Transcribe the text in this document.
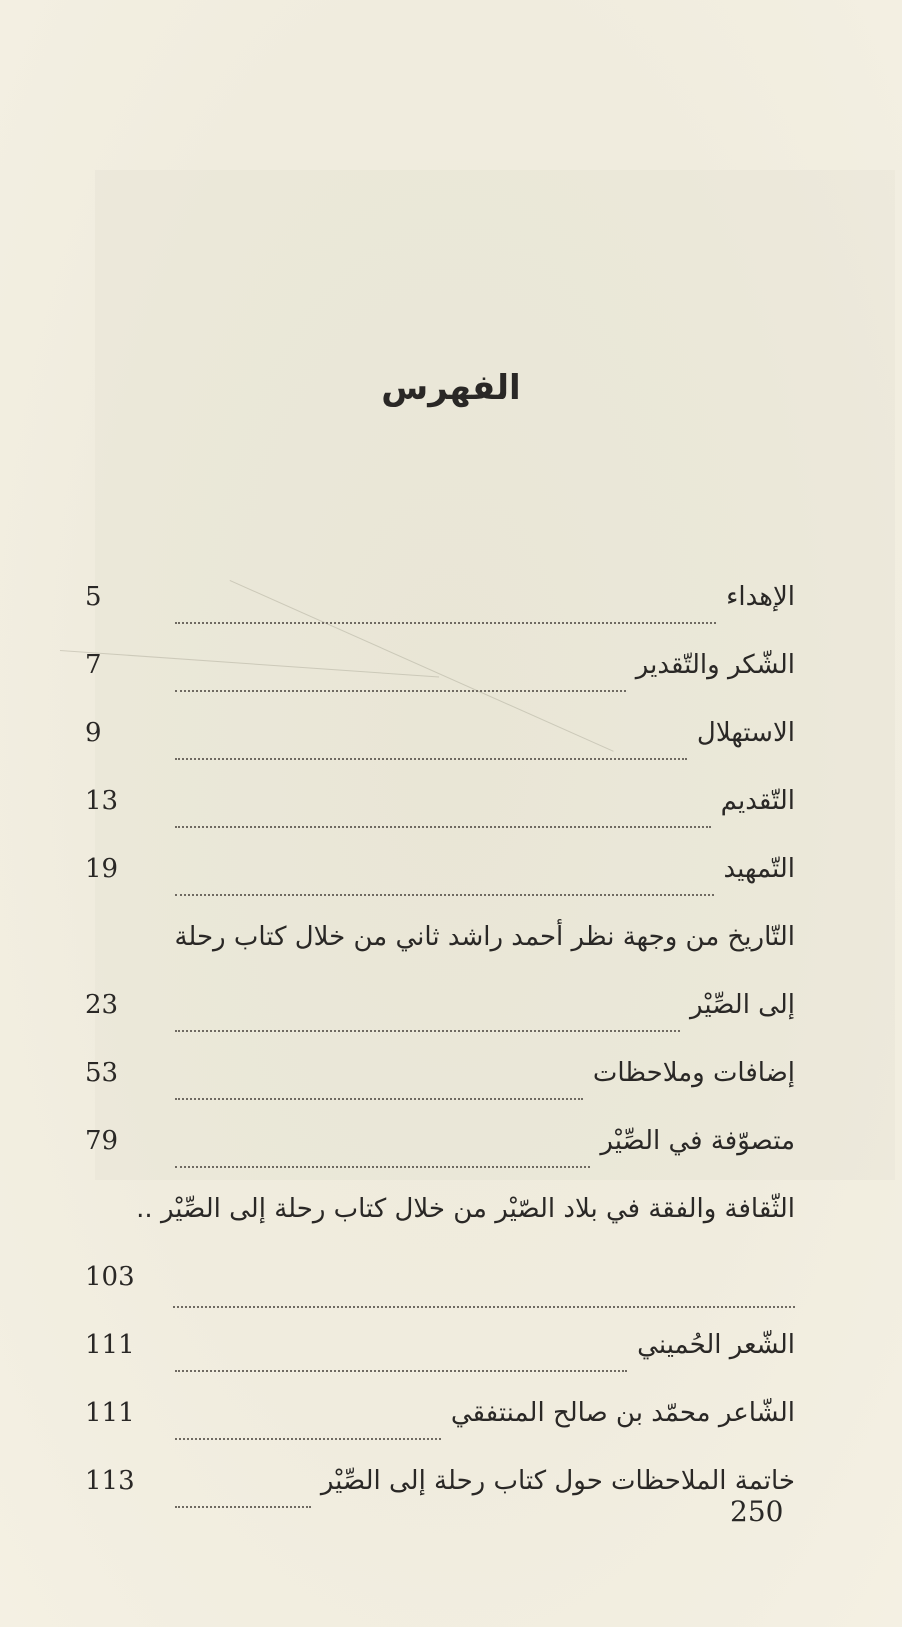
الفهرس
5	الإهداء
7	الشّكر والتّقدير
9	الاستهلال
13	التّقديم
19	التّمهيد
التّاريخ من وجهة نظر أحمد راشد ثاني من خلال كتاب رحلة
23	إلى الصِّيْر
53	إضافات وملاحظات
79	متصوّفة في الصِّيْر
الثّقافة والفقة في بلاد الصّيْر من خلال كتاب رحلة إلى الصِّيْر ..
103
111	الشّعر الحُميني
111	الشّاعر محمّد بن صالح المنتفقي
113	خاتمة الملاحظات حول كتاب رحلة إلى الصِّيْر
250
